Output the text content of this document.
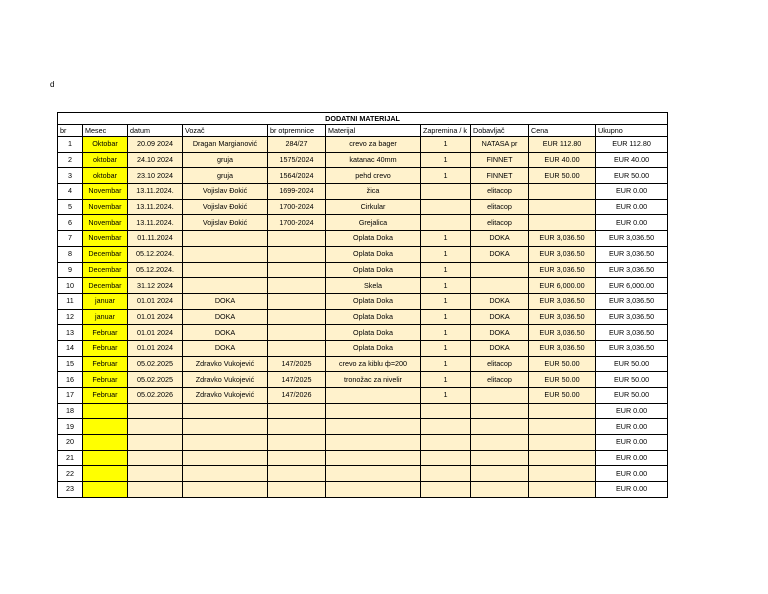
d
DODATNI MATERIJAL									
br	Mesec	datum	Vozač	br otpremnice	Materijal	Zapremina / k	Dobavljač	Cena	Ukupno
1	Oktobar	20.09 2024	Dragan Margianović	284/27	crevo za bager	1	NATASA pr	EUR 112.80	EUR 112.80
2	oktobar	24.10 2024	gruja	1575/2024	katanac 40mm	1	FINNET	EUR 40.00	EUR 40.00
3	oktobar	23.10 2024	gruja	1564/2024	pehd crevo	1	FINNET	EUR 50.00	EUR 50.00
4	Novembar	13.11.2024.	Vojislav Đokić	1699-2024	žica		elitacop		EUR 0.00
5	Novembar	13.11.2024.	Vojislav Đokić	1700-2024	Cirkular		elitacop		EUR 0.00
6	Novembar	13.11.2024.	Vojislav Đokić	1700-2024	Grejalica		elitacop		EUR 0.00
7	Novembar	01.11.2024			Oplata Doka	1	DOKA	EUR 3,036.50	EUR 3,036.50
8	Decembar	05.12.2024.			Oplata Doka	1	DOKA	EUR 3,036.50	EUR 3,036.50
9	Decembar	05.12.2024.			Oplata Doka	1		EUR 3,036.50	EUR 3,036.50
10	Decembar	31.12 2024			Skela	1		EUR 6,000.00	EUR 6,000.00
11	januar	01.01 2024	DOKA		Oplata Doka	1	DOKA	EUR 3,036.50	EUR 3,036.50
12	januar	01.01 2024	DOKA		Oplata Doka	1	DOKA	EUR 3,036.50	EUR 3,036.50
13	Februar	01.01 2024	DOKA		Oplata Doka	1	DOKA	EUR 3,036.50	EUR 3,036.50
14	Februar	01.01 2024	DOKA		Oplata Doka	1	DOKA	EUR 3,036.50	EUR 3,036.50
15	Februar	05.02.2025	Zdravko Vukojević	147/2025	crevo za kiblu ф=200	1	elitacop	EUR 50.00	EUR 50.00
16	Februar	05.02.2025	Zdravko Vukojević	147/2025	tronožac za nivelir	1	elitacop	EUR 50.00	EUR 50.00
17	Februar	05.02.2026	Zdravko Vukojević	147/2026		1		EUR 50.00	EUR 50.00
18									EUR 0.00
19									EUR 0.00
20									EUR 0.00
21									EUR 0.00
22									EUR 0.00
23									EUR 0.00
